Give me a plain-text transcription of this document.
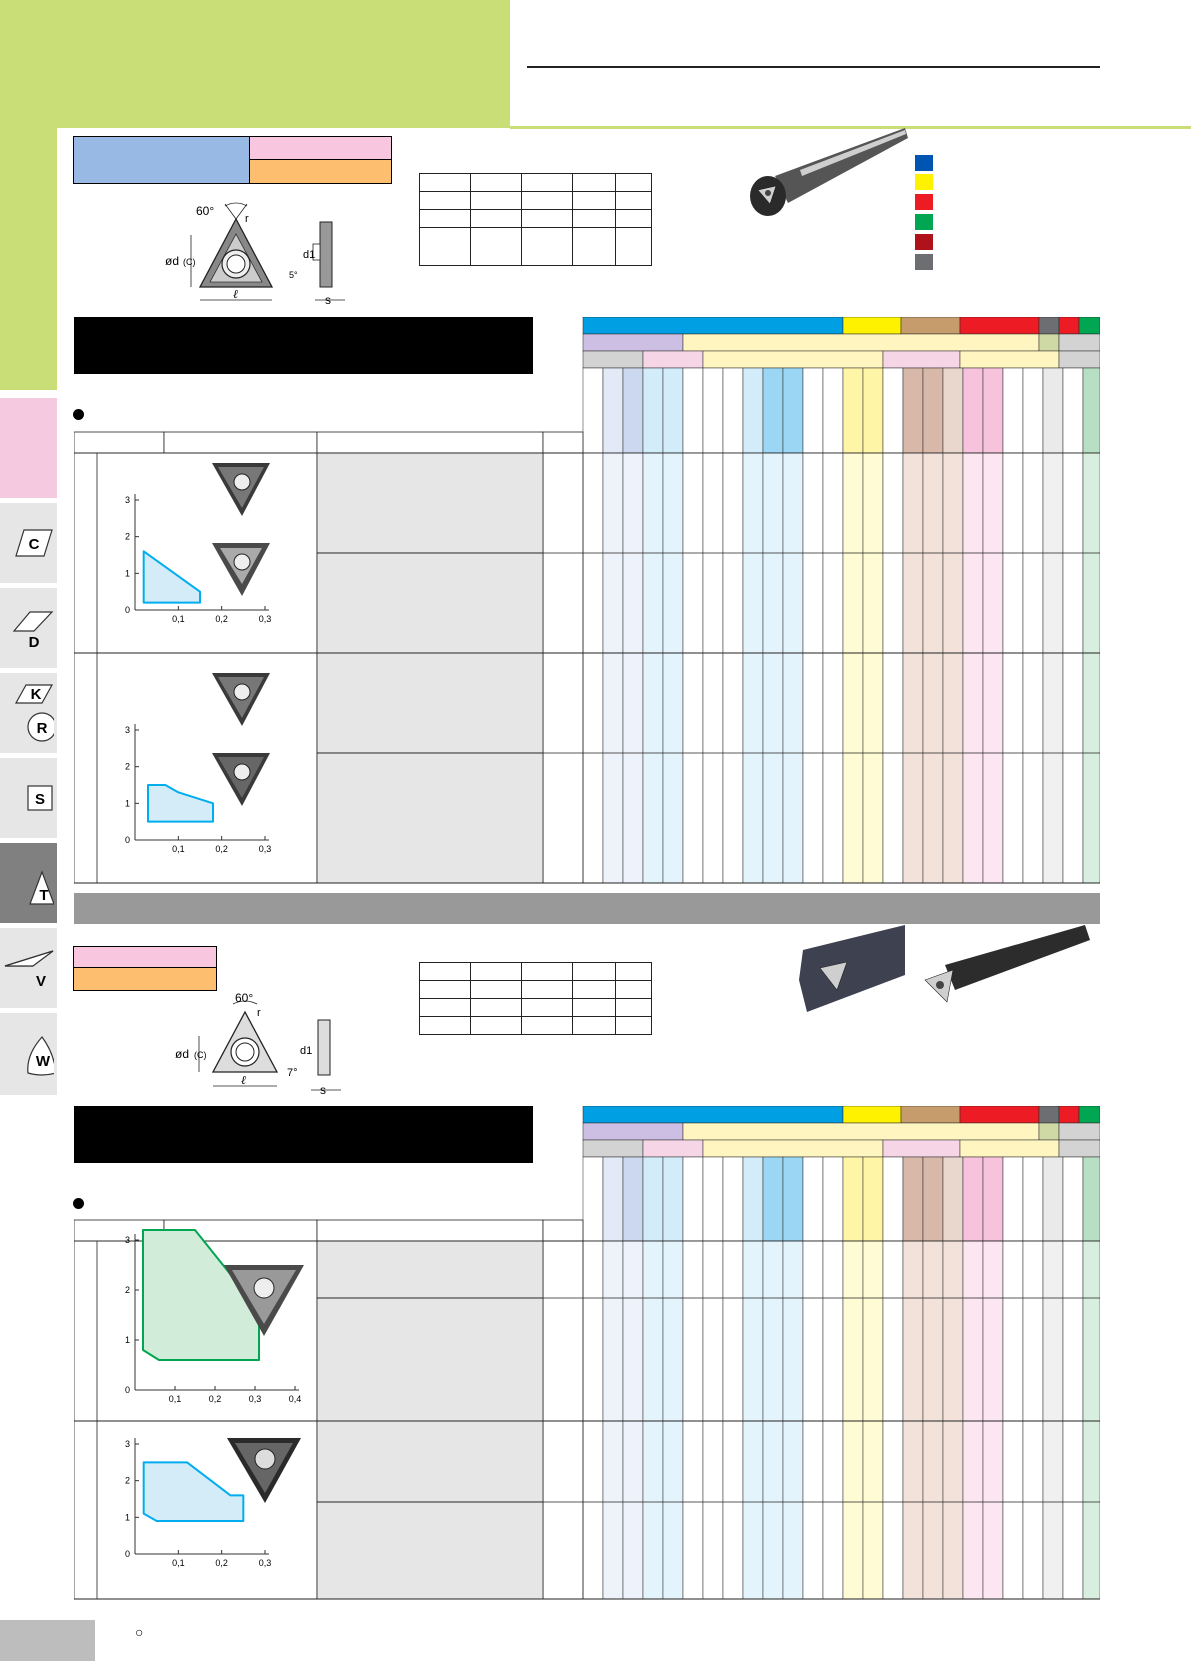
C
D
K
R
S
T
V
W
60°
r
ød (C)
ℓ
d1
5°
s

0
1
2
3
0,1	0,2	0,3
0
1
2
3
0,1	0,2	0,3
60°
r
ød (C)
ℓ
d1
7°
s

0
1
2
3
0,1	0,2	0,3	0,4
0
1
2
3
0,1	0,2	0,3
○
